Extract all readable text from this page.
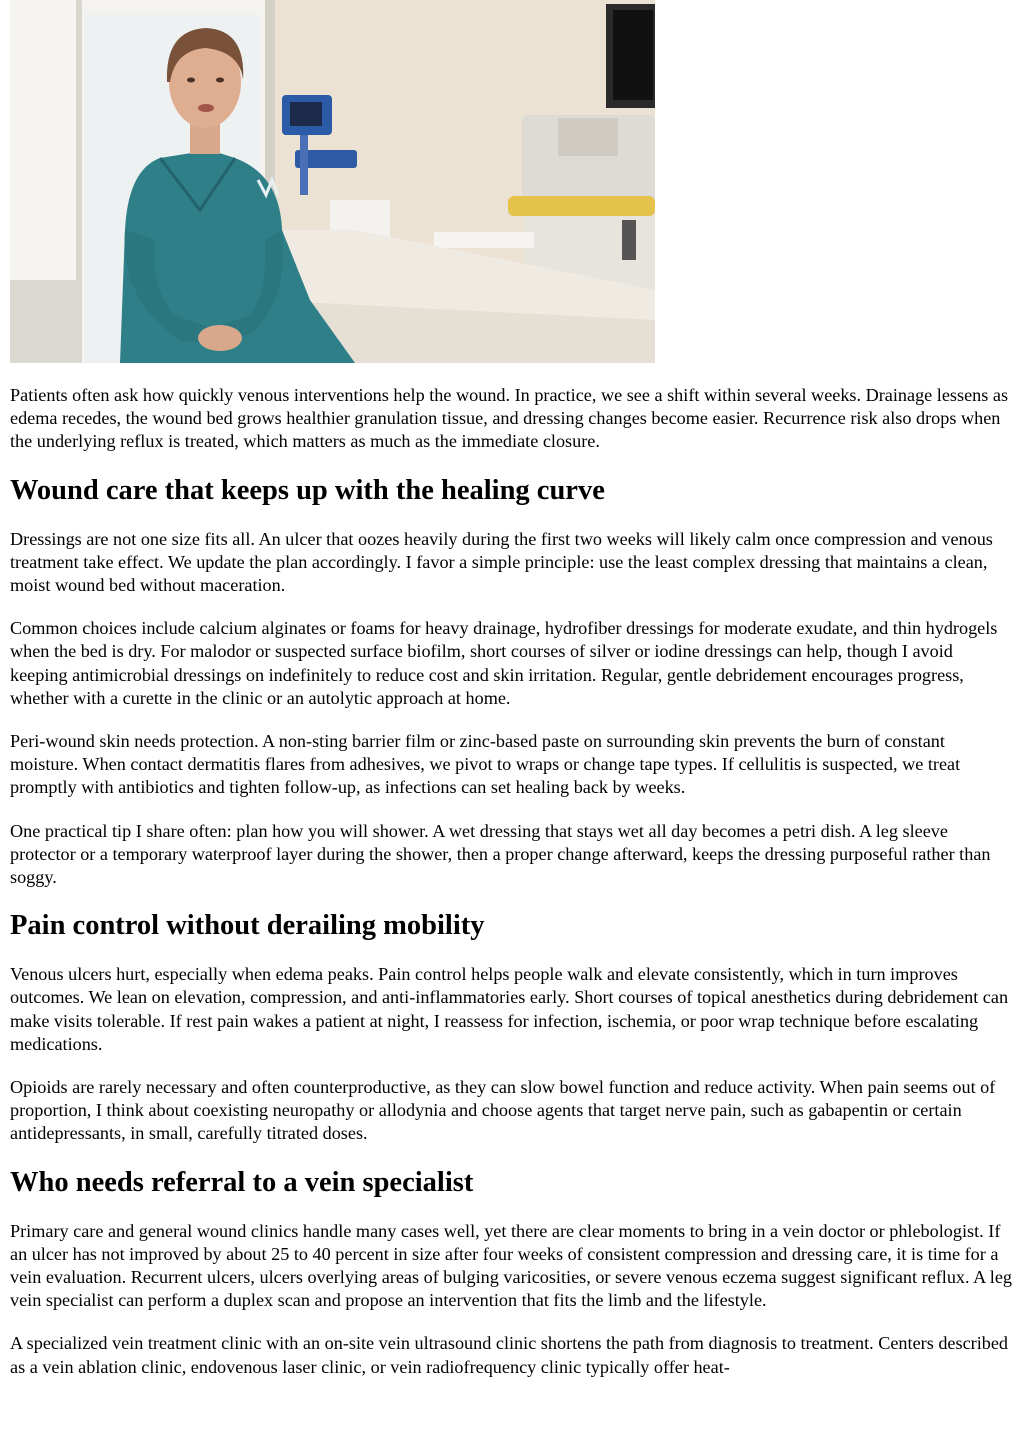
Patients often ask how quickly venous interventions help the wound. In practice, we see a shift within several weeks. Drainage lessens as edema recedes, the wound bed grows healthier granulation tissue, and dressing changes become easier. Recurrence risk also drops when the underlying reflux is treated, which matters as much as the immediate closure.

Wound care that keeps up with the healing curve

Dressings are not one size fits all. An ulcer that oozes heavily during the first two weeks will likely calm once compression and venous treatment take effect. We update the plan accordingly. I favor a simple principle: use the least complex dressing that maintains a clean, moist wound bed without maceration.

Common choices include calcium alginates or foams for heavy drainage, hydrofiber dressings for moderate exudate, and thin hydrogels when the bed is dry. For malodor or suspected surface biofilm, short courses of silver or iodine dressings can help, though I avoid keeping antimicrobial dressings on indefinitely to reduce cost and skin irritation. Regular, gentle debridement encourages progress, whether with a curette in the clinic or an autolytic approach at home.

Peri-wound skin needs protection. A non-sting barrier film or zinc-based paste on surrounding skin prevents the burn of constant moisture. When contact dermatitis flares from adhesives, we pivot to wraps or change tape types. If cellulitis is suspected, we treat promptly with antibiotics and tighten follow-up, as infections can set healing back by weeks.

One practical tip I share often: plan how you will shower. A wet dressing that stays wet all day becomes a petri dish. A leg sleeve protector or a temporary waterproof layer during the shower, then a proper change afterward, keeps the dressing purposeful rather than soggy.

Pain control without derailing mobility

Venous ulcers hurt, especially when edema peaks. Pain control helps people walk and elevate consistently, which in turn improves outcomes. We lean on elevation, compression, and anti-inflammatories early. Short courses of topical anesthetics during debridement can make visits tolerable. If rest pain wakes a patient at night, I reassess for infection, ischemia, or poor wrap technique before escalating medications.

Opioids are rarely necessary and often counterproductive, as they can slow bowel function and reduce activity. When pain seems out of proportion, I think about coexisting neuropathy or allodynia and choose agents that target nerve pain, such as gabapentin or certain antidepressants, in small, carefully titrated doses.

Who needs referral to a vein specialist

Primary care and general wound clinics handle many cases well, yet there are clear moments to bring in a vein doctor or phlebologist. If an ulcer has not improved by about 25 to 40 percent in size after four weeks of consistent compression and dressing care, it is time for a vein evaluation. Recurrent ulcers, ulcers overlying areas of bulging varicosities, or severe venous eczema suggest significant reflux. A leg vein specialist can perform a duplex scan and propose an intervention that fits the limb and the lifestyle.

A specialized vein treatment clinic with an on-site vein ultrasound clinic shortens the path from diagnosis to treatment. Centers described as a vein ablation clinic, endovenous laser clinic, or vein radiofrequency clinic typically offer heat-
